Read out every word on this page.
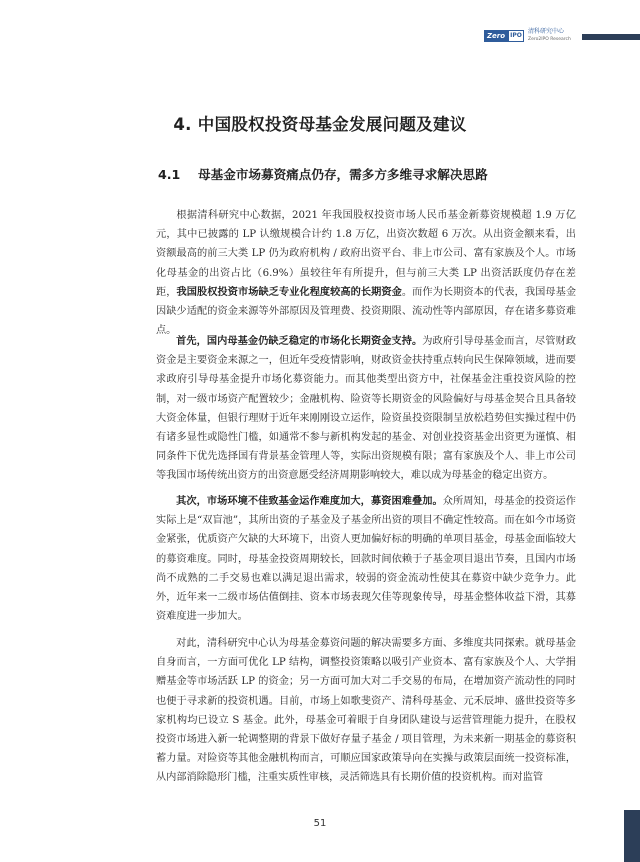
Zero IPO
清科研究中心
Zero2IPO Research
4. 中国股权投资母基金发展问题及建议
4.1 母基金市场募资痛点仍存，需多方多维寻求解决思路
根据清科研究中心数据，2021 年我国股权投资市场人民币基金新募资规模超 1.9 万亿元，其中已披露的 LP 认缴规模合计约 1.8 万亿，出资次数超 6 万次。从出资金额来看，出资额最高的前三大类 LP 仍为政府机构 / 政府出资平台、非上市公司、富有家族及个人。市场化母基金的出资占比（6.9%）虽较往年有所提升，但与前三大类 LP 出资活跃度仍存在差距，我国股权投资市场缺乏专业化程度较高的长期资金。而作为长期资本的代表，我国母基金因缺少适配的资金来源等外部原因及管理费、投资期限、流动性等内部原因，存在诸多募资难点。
首先，国内母基金仍缺乏稳定的市场化长期资金支持。为政府引导母基金而言，尽管财政资金是主要资金来源之一，但近年受疫情影响，财政资金扶持重点转向民生保障领域，进而要求政府引导母基金提升市场化募资能力。而其他类型出资方中，社保基金注重投资风险的控制，对一级市场资产配置较少；金融机构、险资等长期资金的风险偏好与母基金契合且具备较大资金体量，但银行理财于近年来刚刚设立运作，险资虽投资限制呈放松趋势但实操过程中仍有诸多显性或隐性门槛，如通常不参与新机构发起的基金、对创业投资基金出资更为谨慎、相同条件下优先选择国有背景基金管理人等，实际出资规模有限；富有家族及个人、非上市公司等我国市场传统出资方的出资意愿受经济周期影响较大，难以成为母基金的稳定出资方。
其次，市场环境不佳致基金运作难度加大，募资困难叠加。众所周知，母基金的投资运作实际上是“双盲池”，其所出资的子基金及子基金所出资的项目不确定性较高。而在如今市场资金紧张，优质资产欠缺的大环境下，出资人更加偏好标的明确的单项目基金，母基金面临较大的募资难度。同时，母基金投资周期较长，回款时间依赖于子基金项目退出节奏，且国内市场尚不成熟的二手交易也难以满足退出需求，较弱的资金流动性使其在募资中缺少竞争力。此外，近年来一二级市场估值倒挂、资本市场表现欠佳等现象传导，母基金整体收益下滑，其募资难度进一步加大。
对此，清科研究中心认为母基金募资问题的解决需要多方面、多维度共同探索。就母基金自身而言，一方面可优化 LP 结构，调整投资策略以吸引产业资本、富有家族及个人、大学捐赠基金等市场活跃 LP 的资金；另一方面可加大对二手交易的布局，在增加资产流动性的同时也便于寻求新的投资机遇。目前，市场上如歌斐资产、清科母基金、元禾辰坤、盛世投资等多家机构均已设立 S 基金。此外，母基金可着眼于自身团队建设与运营管理能力提升，在股权投资市场进入新一轮调整期的背景下做好存量子基金 / 项目管理，为未来新一期基金的募资积蓄力量。对险资等其他金融机构而言，可顺应国家政策导向在实操与政策层面统一投资标准，从内部消除隐形门槛，注重实质性审核，灵活筛选具有长期价值的投资机构。而对监管
51
